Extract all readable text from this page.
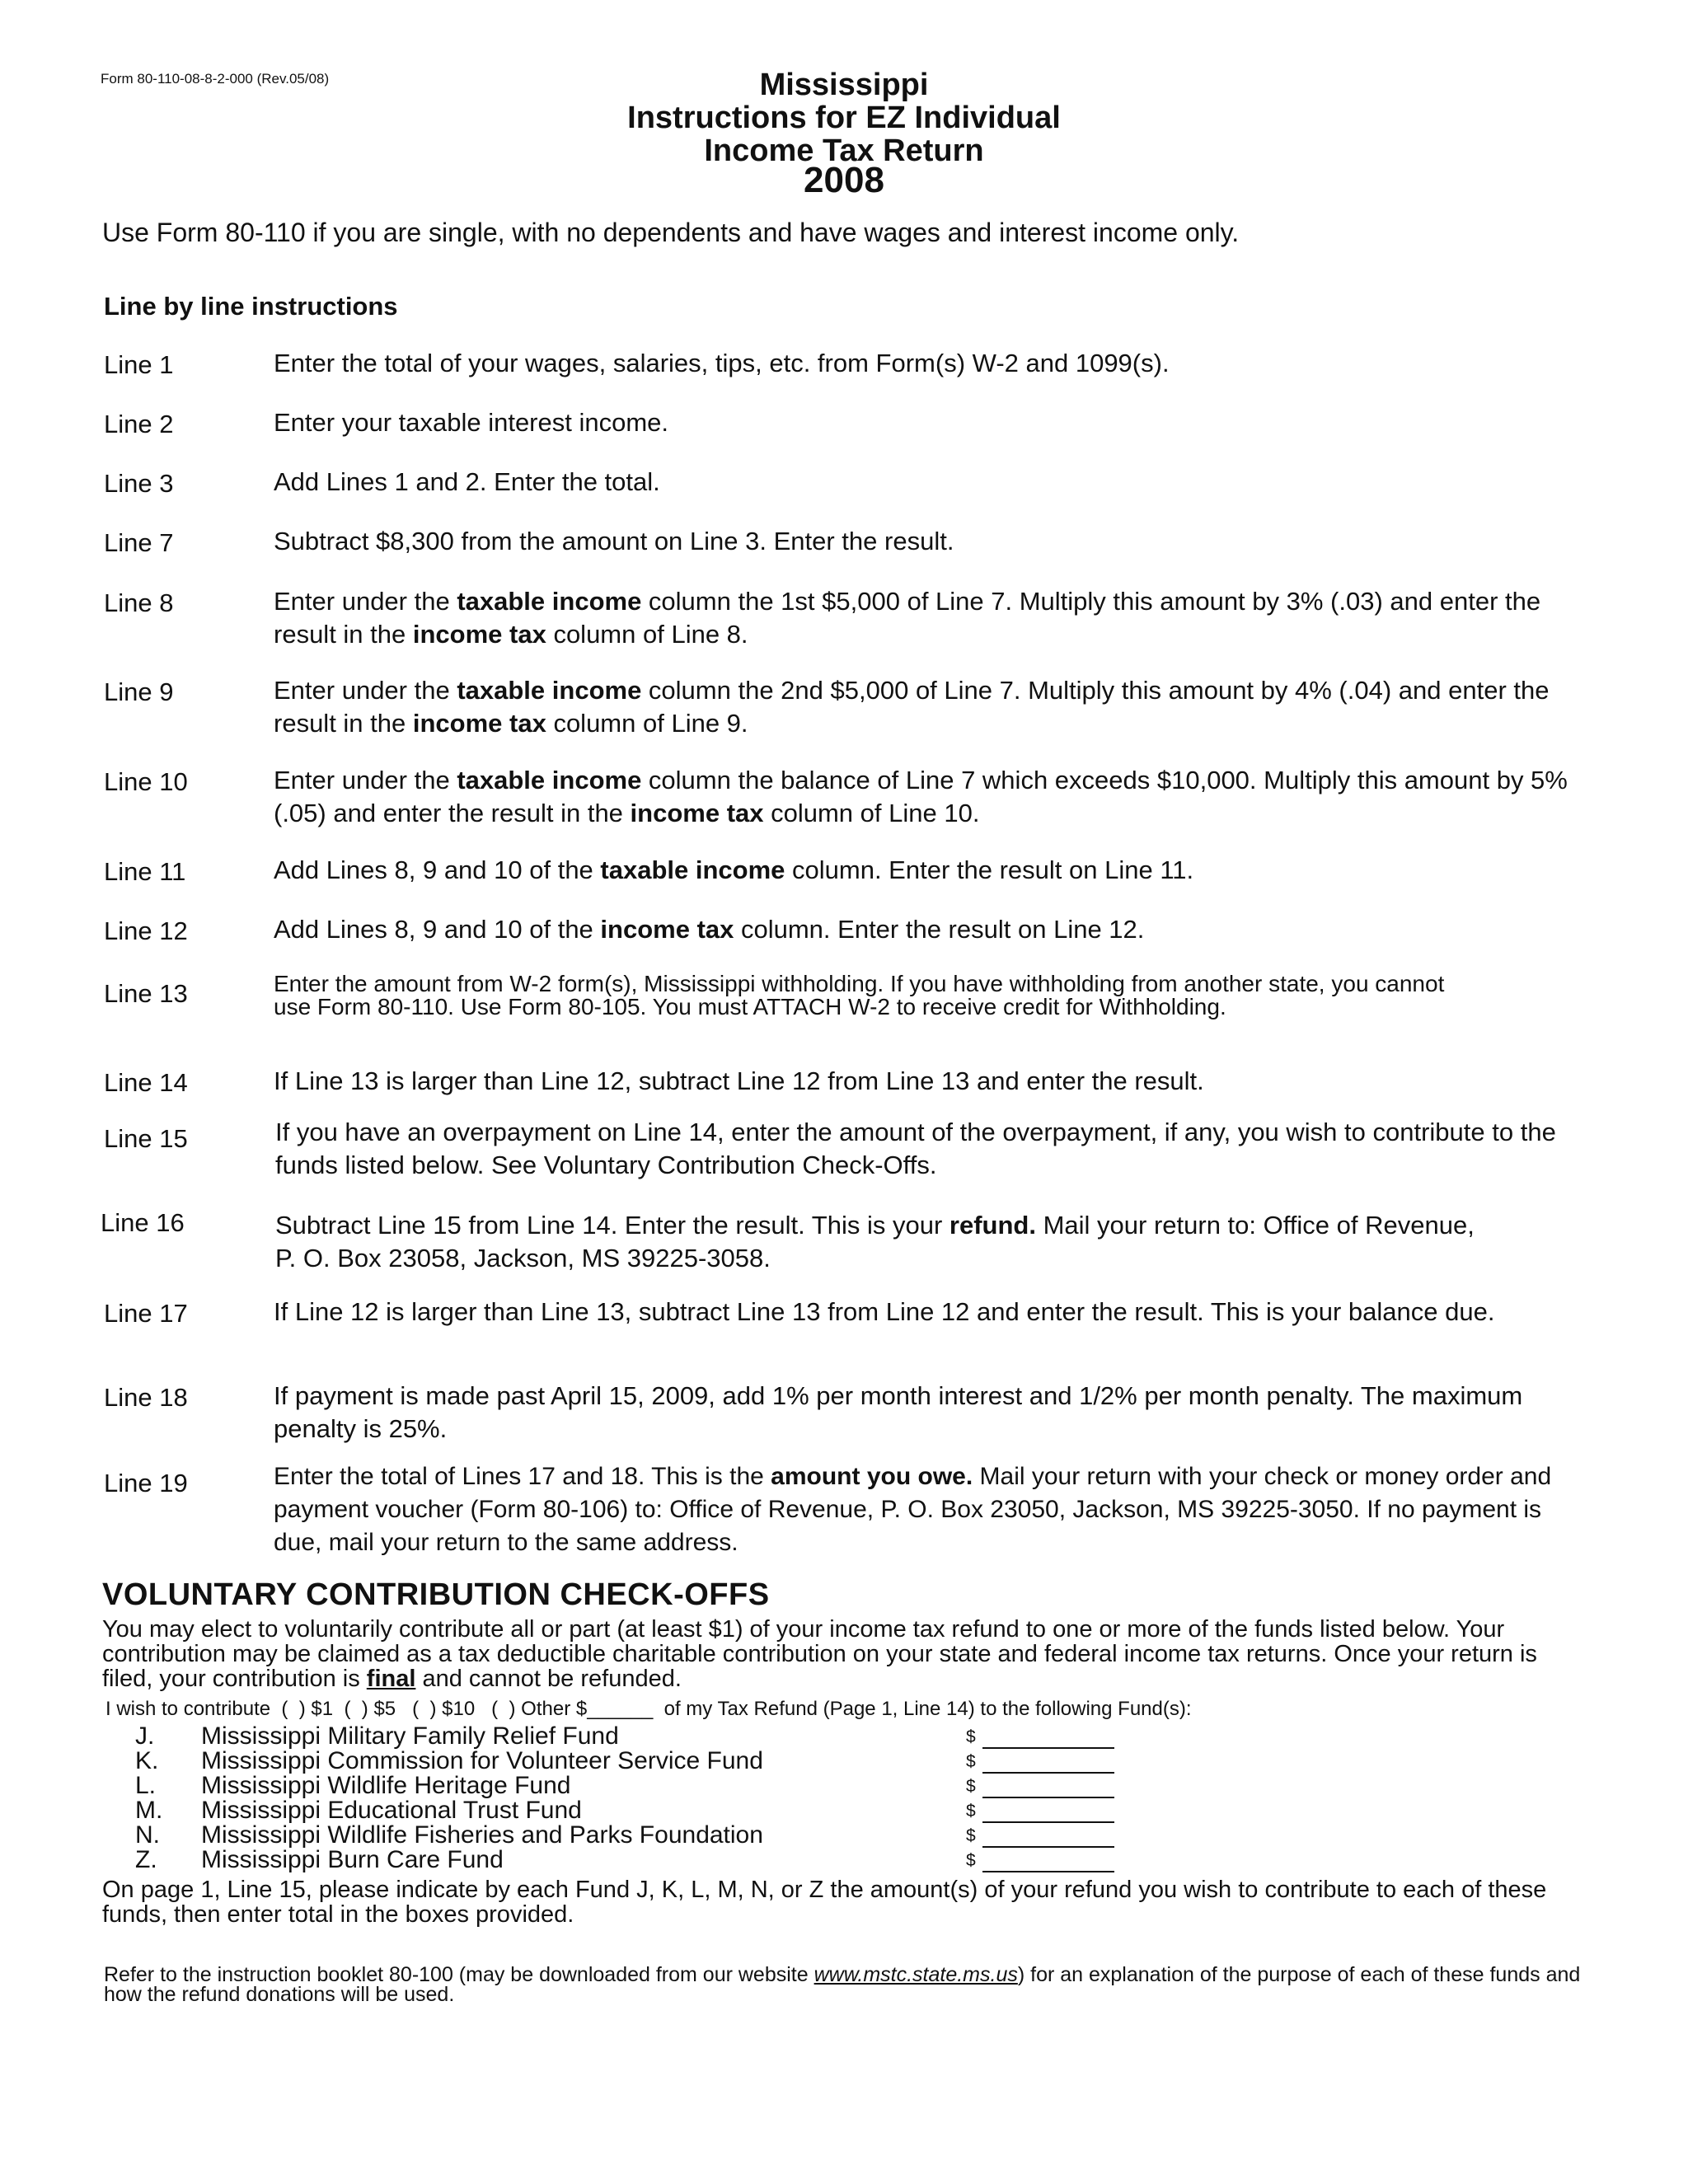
Form 80-110-08-8-2-000 (Rev.05/08)	Mississippi
Instructions for EZ Individual
Income Tax Return
2008
Use Form 80-110 if you are single, with no dependents and have wages and interest income only.
Line by line instructions
Line 1	Enter the total of your wages, salaries, tips, etc. from Form(s) W-2 and 1099(s).
Line 2	Enter your taxable interest income.
Line 3	Add Lines 1 and 2. Enter the total.
Line 7	Subtract $8,300 from the amount on Line 3. Enter the result.
Line 8	Enter under the taxable income column the 1st $5,000 of Line 7. Multiply this amount by 3% (.03) and enter the result in the income tax column of Line 8.
Line 9	Enter under the taxable income column the 2nd $5,000 of Line 7. Multiply this amount by 4% (.04) and enter the result in the income tax column of Line 9.
Line 10	Enter under the taxable income column the balance of Line 7 which exceeds $10,000. Multiply this amount by 5% (.05) and enter the result in the income tax column of Line 10.
Line 11	Add Lines 8, 9 and 10 of the taxable income column. Enter the result on Line 11.
Line 12	Add Lines 8, 9 and 10 of the income tax column. Enter the result on Line 12.
Line 13	Enter the amount from W-2 form(s), Mississippi withholding. If you have withholding from another state, you cannot use Form 80-110. Use Form 80-105. You must ATTACH W-2 to receive credit for Withholding.
Line 14	If Line 13 is larger than Line 12, subtract Line 12 from Line 13 and enter the result.
Line 15	If you have an overpayment on Line 14, enter the amount of the overpayment, if any, you wish to contribute to the funds listed below. See Voluntary Contribution Check-Offs.
Line 16	Subtract Line 15 from Line 14. Enter the result. This is your refund. Mail your return to: Office of Revenue, P. O. Box 23058, Jackson, MS 39225-3058.
Line 17	If Line 12 is larger than Line 13, subtract Line 13 from Line 12 and enter the result. This is your balance due.
Line 18	If payment is made past April 15, 2009, add 1% per month interest and 1/2% per month penalty. The maximum penalty is 25%.
Line 19	Enter the total of Lines 17 and 18. This is the amount you owe. Mail your return with your check or money order and payment voucher (Form 80-106) to: Office of Revenue, P. O. Box 23050, Jackson, MS 39225-3050. If no payment is due, mail your return to the same address.
VOLUNTARY CONTRIBUTION CHECK-OFFS
You may elect to voluntarily contribute all or part (at least $1) of your income tax refund to one or more of the funds listed below. Your contribution may be claimed as a tax deductible charitable contribution on your state and federal income tax returns. Once your return is filed, your contribution is final and cannot be refunded.
I wish to contribute  (  ) $1  (  ) $5   (  ) $10   (  ) Other $______  of my Tax Refund (Page 1, Line 14) to the following Fund(s):
J.	Mississippi Military Family Relief Fund	$
K.	Mississippi Commission for Volunteer Service Fund	$
L.	Mississippi Wildlife Heritage Fund	$
M.	Mississippi Educational Trust Fund	$
N.	Mississippi Wildlife Fisheries and Parks Foundation	$
Z.	Mississippi Burn Care Fund	$
On page 1, Line 15, please indicate by each Fund J, K, L, M, N, or Z the amount(s) of your refund you wish to contribute to each of these funds, then enter total in the boxes provided.
Refer to the instruction booklet 80-100 (may be downloaded from our website www.mstc.state.ms.us) for an explanation of the purpose of each of these funds and how the refund donations will be used.
